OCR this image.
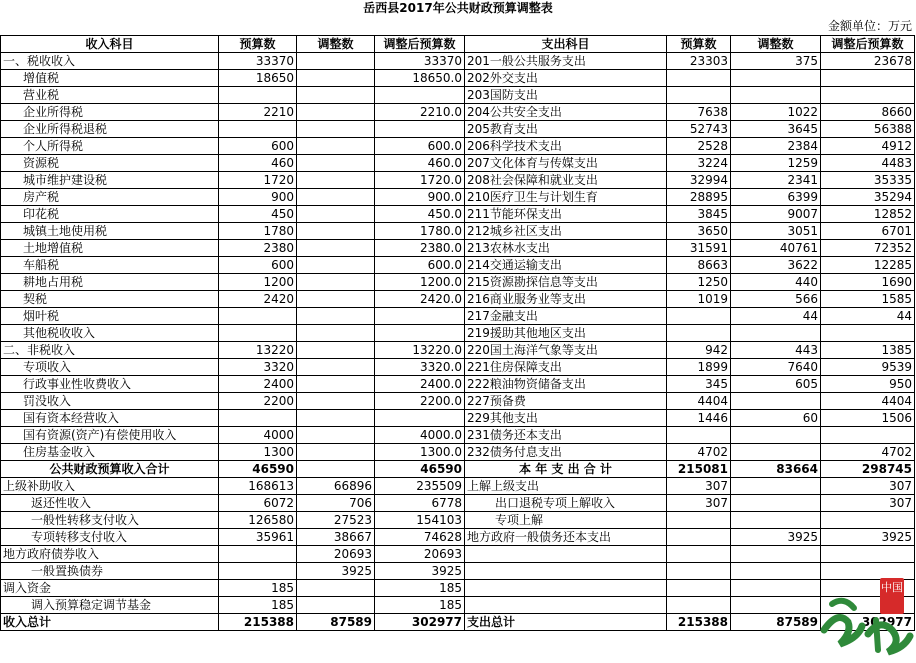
岳西县2017年公共财政预算调整表
金额单位：万元
收入科目	预算数	调整数	调整后预算数	支出科目	预算数	调整数	调整后预算数
一、税收收入	33370		33370	201一般公共服务支出	23303	375	23678
增值税	18650		18650.0	202外交支出			
营业税				203国防支出			
企业所得税	2210		2210.0	204公共安全支出	7638	1022	8660
企业所得税退税				205教育支出	52743	3645	56388
个人所得税	600		600.0	206科学技术支出	2528	2384	4912
资源税	460		460.0	207文化体育与传媒支出	3224	1259	4483
城市维护建设税	1720		1720.0	208社会保障和就业支出	32994	2341	35335
房产税	900		900.0	210医疗卫生与计划生育	28895	6399	35294
印花税	450		450.0	211节能环保支出	3845	9007	12852
城镇土地使用税	1780		1780.0	212城乡社区支出	3650	3051	6701
土地增值税	2380		2380.0	213农林水支出	31591	40761	72352
车船税	600		600.0	214交通运输支出	8663	3622	12285
耕地占用税	1200		1200.0	215资源勘探信息等支出	1250	440	1690
契税	2420		2420.0	216商业服务业等支出	1019	566	1585
烟叶税				217金融支出		44	44
其他税收收入				219援助其他地区支出			
二、非税收入	13220		13220.0	220国土海洋气象等支出	942	443	1385
专项收入	3320		3320.0	221住房保障支出	1899	7640	9539
行政事业性收费收入	2400		2400.0	222粮油物资储备支出	345	605	950
罚没收入	2200		2200.0	227预备费	4404		4404
国有资本经营收入				229其他支出	1446	60	1506
国有资源(资产)有偿使用收入	4000		4000.0	231债务还本支出			
住房基金收入	1300		1300.0	232债务付息支出	4702		4702
公共财政预算收入合计	46590		46590	本 年 支 出 合 计	215081	83664	298745
上级补助收入	168613	66896	235509	上解上级支出	307		307
返还性收入	6072	706	6778	出口退税专项上解收入	307		307
一般性转移支付收入	126580	27523	154103	专项上解			
专项转移支付收入	35961	38667	74628	地方政府一般债务还本支出		3925	3925
地方政府债券收入		20693	20693				
一般置换债券		3925	3925				
调入资金	185		185				
调入预算稳定调节基金	185		185				
收入总计	215388	87589	302977	支出总计	215388	87589	302977
中国
